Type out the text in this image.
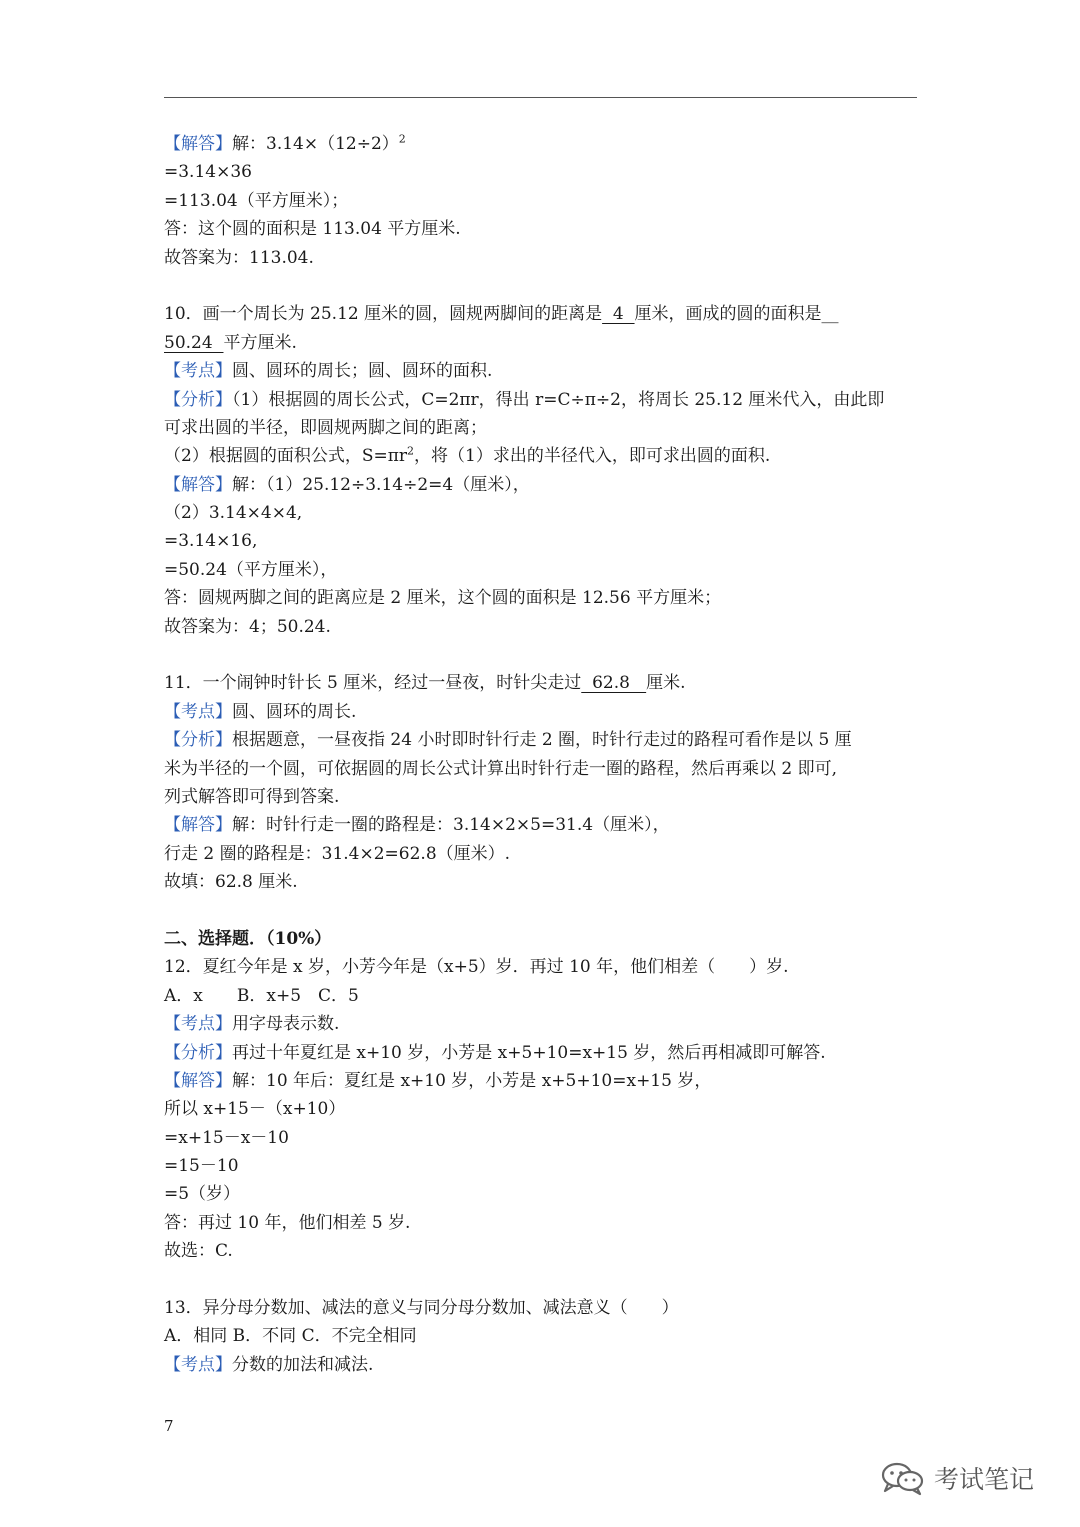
【解答】解：$3.14\times(12\div 2)^2$
=3.14×36
=113.04（平方厘米）；
答：这个圆的面积是 113.04 平方厘米.
故答案为：113.04.
10．画一个周长为 25.12 厘米的圆，圆规两脚间的距离是  4  厘米，画成的圆的面积是__
50.24  平方厘米.
【考点】圆、圆环的周长；圆、圆环的面积.
【分析】（1）根据圆的周长公式，C=2πr，得出 r=C÷π÷2，将周长 25.12 厘米代入，由此即
可求出圆的半径，即圆规两脚之间的距离；
（2）根据圆的面积公式，$S=\pi r^2$，将（1）求出的半径代入，即可求出圆的面积.
【解答】解：（1）25.12÷3.14÷2=4（厘米），
（2）3.14×4×4,
=3.14×16,
=50.24（平方厘米），
答：圆规两脚之间的距离应是 2 厘米，这个圆的面积是 12.56 平方厘米；
故答案为：4；50.24.
11．一个闹钟时针长 5 厘米，经过一昼夜，时针尖走过  62.8   厘米.
【考点】圆、圆环的周长.
【分析】根据题意，一昼夜指 24 小时即时针行走 2 圈，时针行走过的路程可看作是以 5 厘
米为半径的一个圆，可依据圆的周长公式计算出时针行走一圈的路程，然后再乘以 2 即可,
列式解答即可得到答案.
【解答】解：时针行走一圈的路程是：3.14×2×5=31.4（厘米），
行走 2 圈的路程是：31.4×2=62.8（厘米）.
故填：62.8 厘米.
二、选择题．（10%）
12．夏红今年是 x 岁，小芳今年是（x+5）岁．再过 10 年，他们相差（　　）岁.
A．x　　B．x+5　C．5
【考点】用字母表示数.
【分析】再过十年夏红是 x+10 岁，小芳是 x+5+10=x+15 岁，然后再相减即可解答.
【解答】解：10 年后：夏红是 x+10 岁，小芳是 x+5+10=x+15 岁，
所以 x+15－（x+10）
=x+15－x－10
=15－10
=5（岁）
答：再过 10 年，他们相差 5 岁.
故选：C.
13．异分母分数加、减法的意义与同分母分数加、减法意义（　　）
A．相同 B．不同 C．不完全相同
【考点】分数的加法和减法.
7
考试笔记
